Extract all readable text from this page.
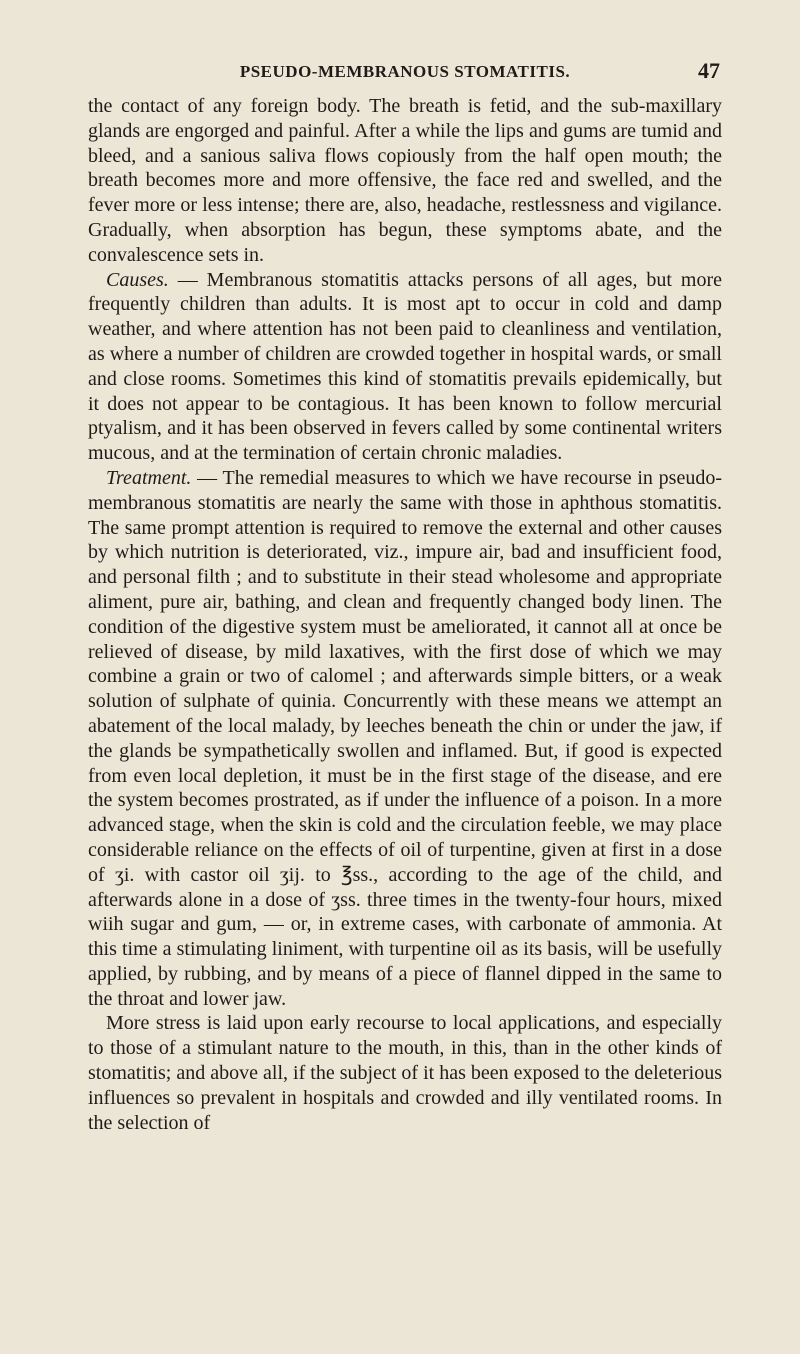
PSEUDO-MEMBRANOUS STOMATITIS.	47

the contact of any foreign body. The breath is fetid, and the sub-maxillary glands are engorged and painful. After a while the lips and gums are tumid and bleed, and a sanious saliva flows copiously from the half open mouth; the breath becomes more and more offensive, the face red and swelled, and the fever more or less intense; there are, also, headache, restlessness and vigilance. Gradually, when absorption has begun, these symptoms abate, and the convalescence sets in.

Causes. — Membranous stomatitis attacks persons of all ages, but more frequently children than adults. It is most apt to occur in cold and damp weather, and where attention has not been paid to cleanliness and ventilation, as where a number of children are crowded together in hospital wards, or small and close rooms. Sometimes this kind of stomatitis prevails epidemically, but it does not appear to be contagious. It has been known to follow mercurial ptyalism, and it has been observed in fevers called by some continental writers mucous, and at the termination of certain chronic maladies.

Treatment. — The remedial measures to which we have recourse in pseudo-membranous stomatitis are nearly the same with those in aphthous stomatitis. The same prompt attention is required to remove the external and other causes by which nutrition is deteriorated, viz., impure air, bad and insufficient food, and personal filth ; and to substitute in their stead wholesome and appropriate aliment, pure air, bathing, and clean and frequently changed body linen. The condition of the digestive system must be ameliorated, it cannot all at once be relieved of disease, by mild laxatives, with the first dose of which we may combine a grain or two of calomel ; and afterwards simple bitters, or a weak solution of sulphate of quinia. Concurrently with these means we attempt an abatement of the local malady, by leeches beneath the chin or under the jaw, if the glands be sympathetically swollen and inflamed. But, if good is expected from even local depletion, it must be in the first stage of the disease, and ere the system becomes prostrated, as if under the influence of a poison. In a more advanced stage, when the skin is cold and the circulation feeble, we may place considerable reliance on the effects of oil of turpentine, given at first in a dose of ʒi. with castor oil ʒij. to ℥ss., according to the age of the child, and afterwards alone in a dose of ʒss. three times in the twenty-four hours, mixed wiih sugar and gum, — or, in extreme cases, with carbonate of ammonia. At this time a stimulating liniment, with turpentine oil as its basis, will be usefully applied, by rubbing, and by means of a piece of flannel dipped in the same to the throat and lower jaw.

More stress is laid upon early recourse to local applications, and especially to those of a stimulant nature to the mouth, in this, than in the other kinds of stomatitis; and above all, if the subject of it has been exposed to the deleterious influences so prevalent in hospitals and crowded and illy ventilated rooms. In the selection of
